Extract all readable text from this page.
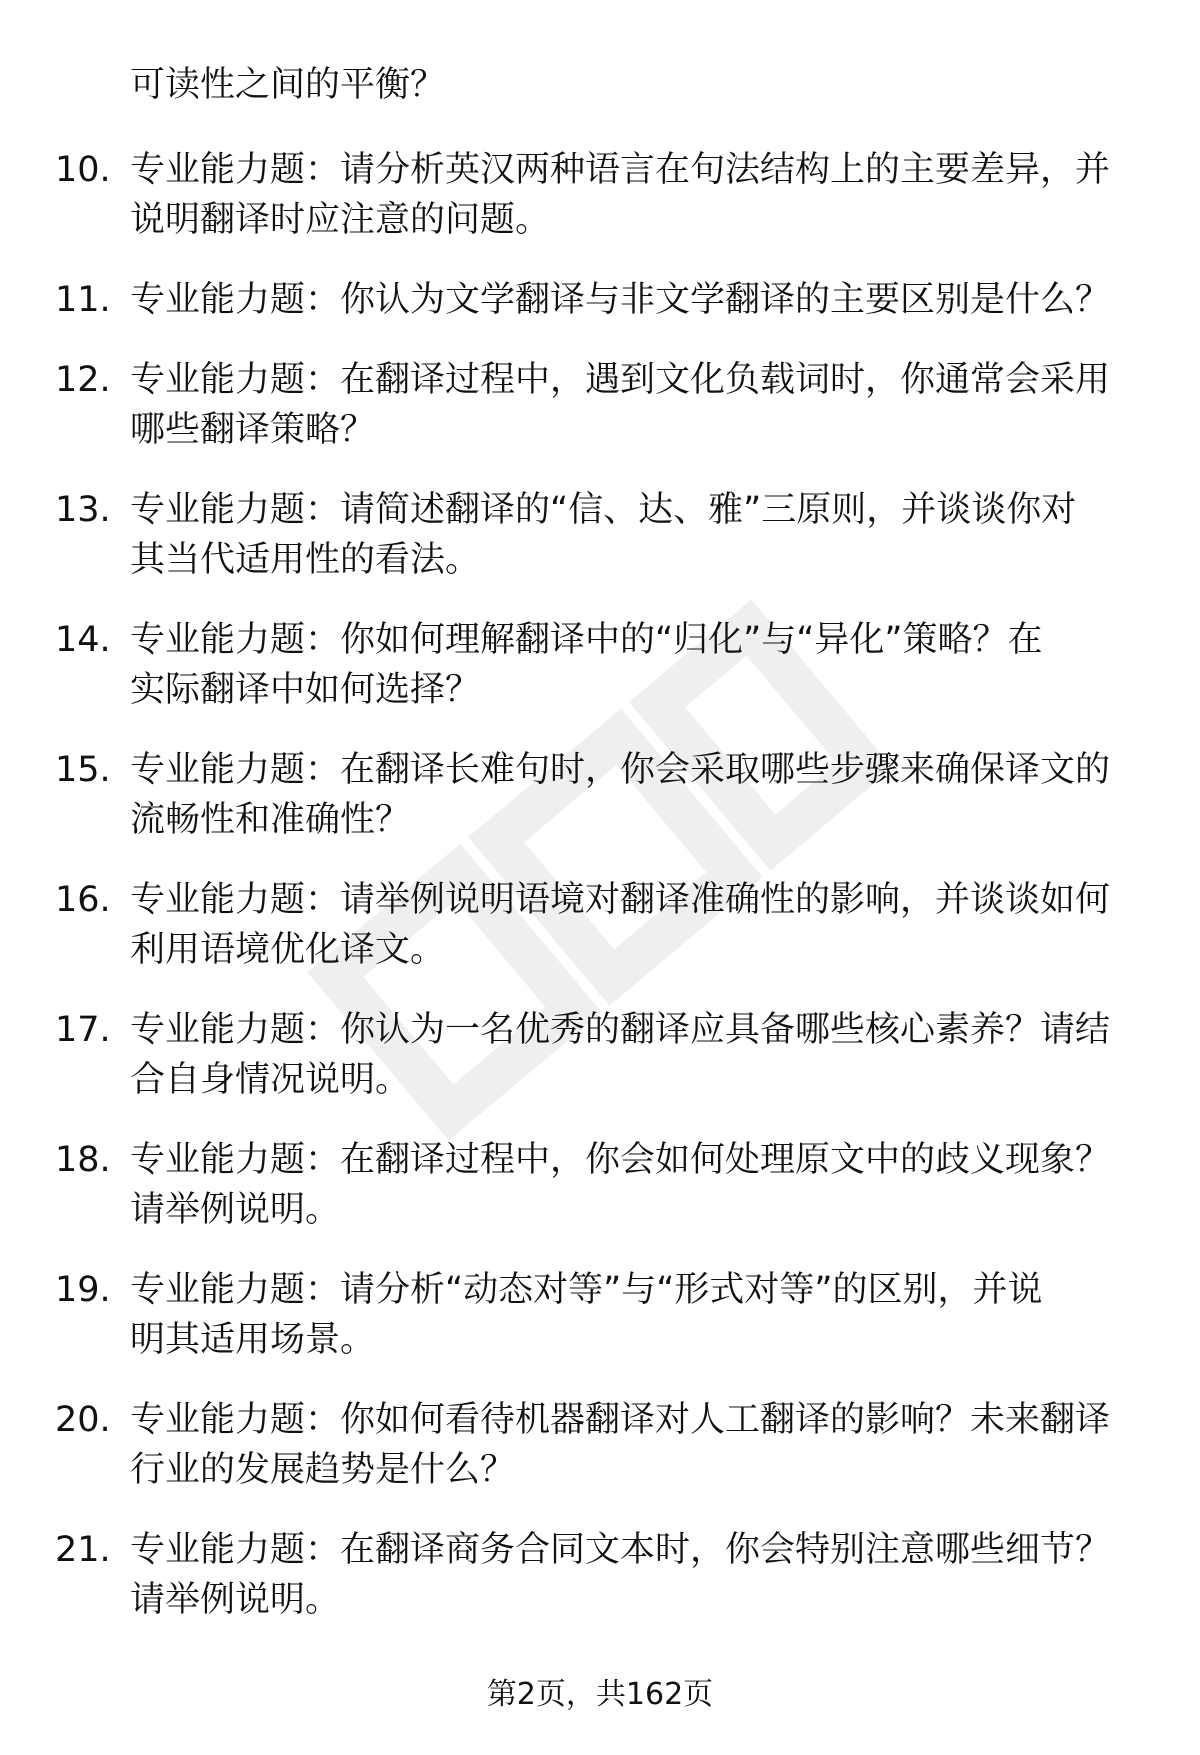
可读性之间的平衡？
10. 专业能力题：请分析英汉两种语言在句法结构上的主要差异，并
说明翻译时应注意的问题。
11. 专业能力题：你认为文学翻译与非文学翻译的主要区别是什么？
12. 专业能力题：在翻译过程中，遇到文化负载词时，你通常会采用
哪些翻译策略？
13. 专业能力题：请简述翻译的“信、达、雅”三原则，并谈谈你对
其当代适用性的看法。
14. 专业能力题：你如何理解翻译中的“归化”与“异化”策略？在
实际翻译中如何选择？
15. 专业能力题：在翻译长难句时，你会采取哪些步骤来确保译文的
流畅性和准确性？
16. 专业能力题：请举例说明语境对翻译准确性的影响，并谈谈如何
利用语境优化译文。
17. 专业能力题：你认为一名优秀的翻译应具备哪些核心素养？请结
合自身情况说明。
18. 专业能力题：在翻译过程中，你会如何处理原文中的歧义现象？
请举例说明。
19. 专业能力题：请分析“动态对等”与“形式对等”的区别，并说
明其适用场景。
20. 专业能力题：你如何看待机器翻译对人工翻译的影响？未来翻译
行业的发展趋势是什么？
21. 专业能力题：在翻译商务合同文本时，你会特别注意哪些细节？
请举例说明。
第2页，共162页
